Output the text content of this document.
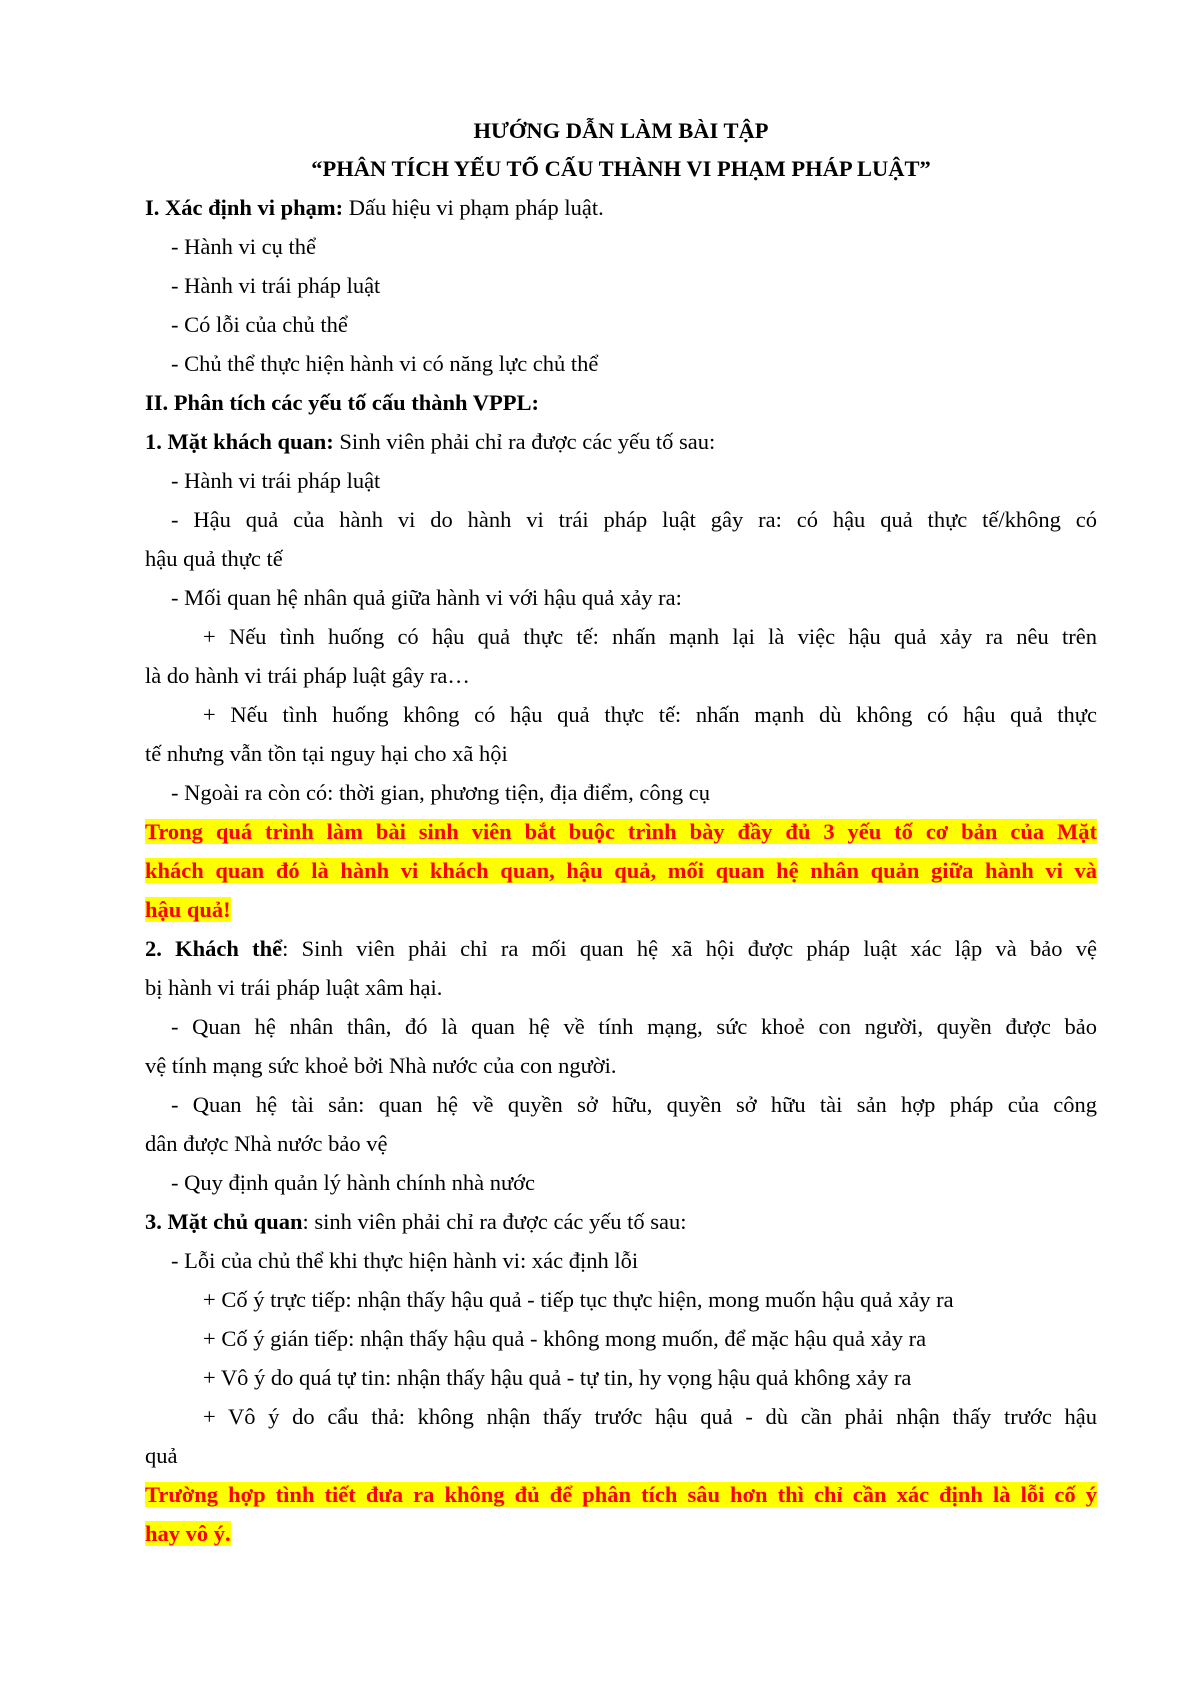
HƯỚNG DẪN LÀM BÀI TẬP
“PHÂN TÍCH YẾU TỐ CẤU THÀNH VI PHẠM PHÁP LUẬT”

I. Xác định vi phạm: Dấu hiệu vi phạm pháp luật.

- Hành vi cụ thể

- Hành vi trái pháp luật

- Có lỗi của chủ thể

- Chủ thể thực hiện hành vi có năng lực chủ thể

II. Phân tích các yếu tố cấu thành VPPL:

1. Mặt khách quan: Sinh viên phải chỉ ra được các yếu tố sau:

- Hành vi trái pháp luật

- Hậu quả của hành vi do hành vi trái pháp luật gây ra: có hậu quả thực tế/không có

hậu quả thực tế

- Mối quan hệ nhân quả giữa hành vi với hậu quả xảy ra:

+ Nếu tình huống có hậu quả thực tế: nhấn mạnh lại là việc hậu quả xảy ra nêu trên

là do hành vi trái pháp luật gây ra…

+ Nếu tình huống không có hậu quả thực tế: nhấn mạnh dù không có hậu quả thực

tế nhưng vẫn tồn tại nguy hại cho xã hội

- Ngoài ra còn có: thời gian, phương tiện, địa điểm, công cụ

Trong quá trình làm bài sinh viên bắt buộc trình bày đầy đủ 3 yếu tố cơ bản của Mặt
khách quan đó là hành vi khách quan, hậu quả, mối quan hệ nhân quản giữa hành vi và
hậu quả!

2. Khách thể: Sinh viên phải chỉ ra mối quan hệ xã hội được pháp luật xác lập và bảo vệ

bị hành vi trái pháp luật xâm hại.

- Quan hệ nhân thân, đó là quan hệ về tính mạng, sức khoẻ con người, quyền được bảo

vệ tính mạng sức khoẻ bởi Nhà nước của con người.

- Quan hệ tài sản: quan hệ về quyền sở hữu, quyền sở hữu tài sản hợp pháp của công

dân được Nhà nước bảo vệ

- Quy định quản lý hành chính nhà nước

3. Mặt chủ quan: sinh viên phải chỉ ra được các yếu tố sau:

- Lỗi của chủ thể khi thực hiện hành vi: xác định lỗi

+ Cố ý trực tiếp: nhận thấy hậu quả - tiếp tục thực hiện, mong muốn hậu quả xảy ra

+ Cố ý gián tiếp: nhận thấy hậu quả - không mong muốn, để mặc hậu quả xảy ra

+ Vô ý do quá tự tin: nhận thấy hậu quả - tự tin, hy vọng hậu quả không xảy ra

+ Vô ý do cẩu thả: không nhận thấy trước hậu quả - dù cần phải nhận thấy trước hậu

quả

Trường hợp tình tiết đưa ra không đủ để phân tích sâu hơn thì chỉ cần xác định là lỗi cố ý
hay vô ý.
